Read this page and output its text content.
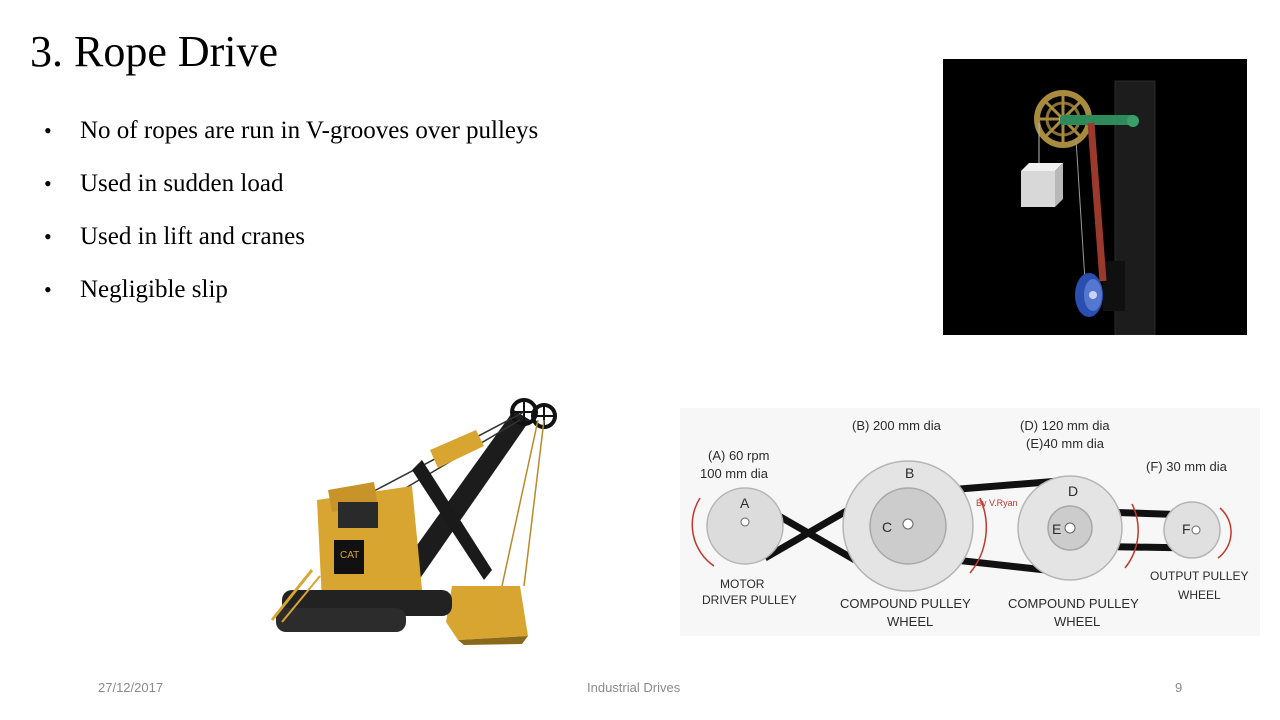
3. Rope Drive
• No of ropes are run in V-grooves over pulleys
• Used in sudden load
• Used in lift and cranes
• Negligible slip
CAT
A
B
C
D
E	F
By V.Ryan
(A) 60 rpm
100 mm dia
(B) 200 mm dia	(D) 120 mm dia
(E)40 mm dia
(F) 30 mm dia
MOTOR
DRIVER PULLEY	COMPOUND PULLEY
WHEEL
COMPOUND PULLEY
WHEEL
OUTPUT PULLEY
WHEEL
27/12/2017	Industrial Drives	9
